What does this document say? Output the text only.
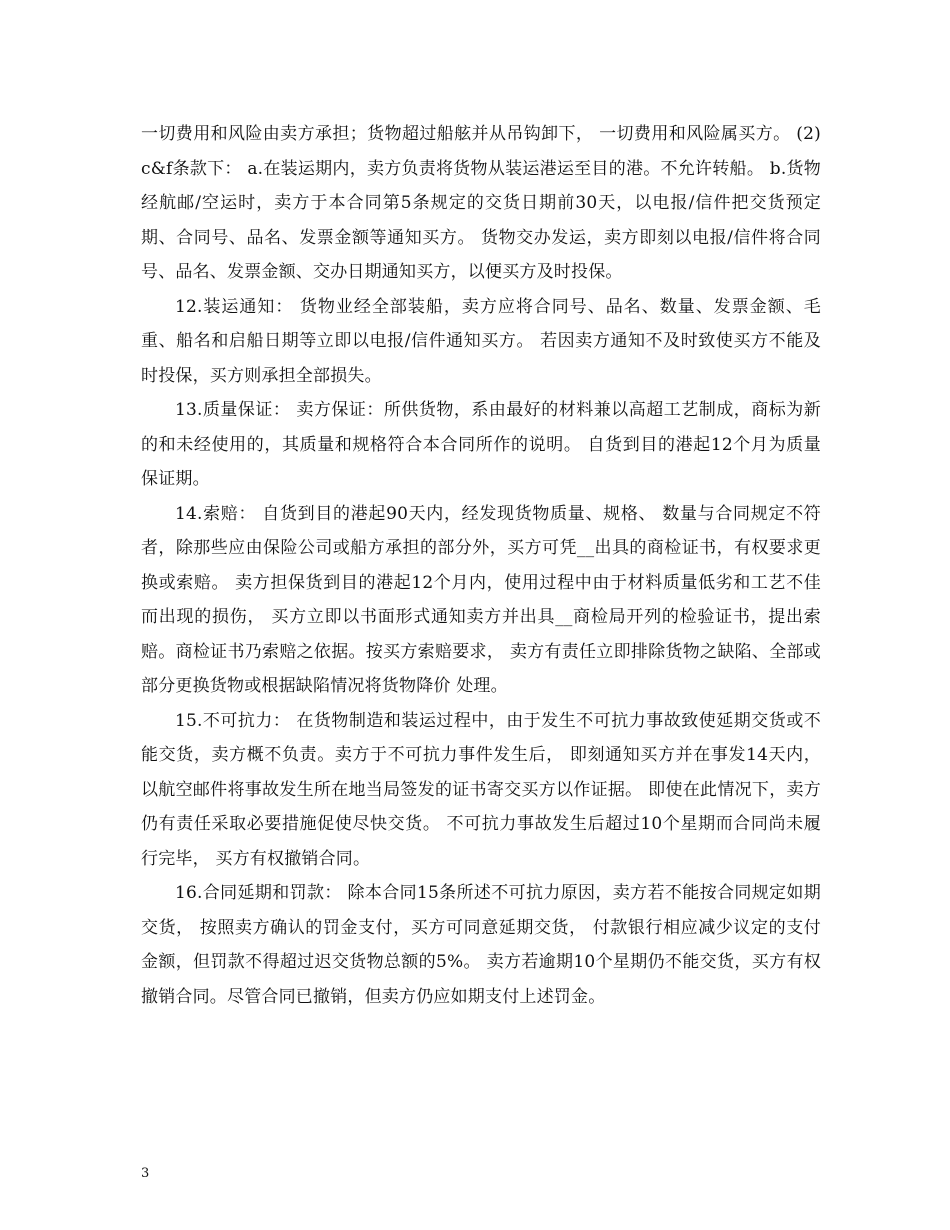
一切费用和风险由卖方承担；货物超过船舷并从吊钩卸下， 一切费用和风险属买方。 (2)c&f条款下： a.在装运期内，卖方负责将货物从装运港运至目的港。不允许转船。 b.货物经航邮/空运时，卖方于本合同第5条规定的交货日期前30天，以电报/信件把交货预定期、合同号、品名、发票金额等通知买方。 货物交办发运，卖方即刻以电报/信件将合同号、品名、发票金额、交办日期通知买方，以便买方及时投保。

12.装运通知： 货物业经全部装船，卖方应将合同号、品名、数量、发票金额、毛重、船名和启船日期等立即以电报/信件通知买方。 若因卖方通知不及时致使买方不能及时投保，买方则承担全部损失。

13.质量保证： 卖方保证：所供货物，系由最好的材料兼以高超工艺制成，商标为新的和未经使用的，其质量和规格符合本合同所作的说明。 自货到目的港起12个月为质量保证期。

14.索赔： 自货到目的港起90天内，经发现货物质量、规格、 数量与合同规定不符者，除那些应由保险公司或船方承担的部分外，买方可凭__出具的商检证书，有权要求更换或索赔。 卖方担保货到目的港起12个月内，使用过程中由于材料质量低劣和工艺不佳而出现的损伤， 买方立即以书面形式通知卖方并出具__商检局开列的检验证书，提出索赔。商检证书乃索赔之依据。按买方索赔要求， 卖方有责任立即排除货物之缺陷、全部或部分更换货物或根据缺陷情况将货物降价 处理。

15.不可抗力： 在货物制造和装运过程中，由于发生不可抗力事故致使延期交货或不能交货，卖方概不负责。卖方于不可抗力事件发生后， 即刻通知买方并在事发14天内，以航空邮件将事故发生所在地当局签发的证书寄交买方以作证据。 即使在此情况下，卖方仍有责任采取必要措施促使尽快交货。 不可抗力事故发生后超过10个星期而合同尚未履行完毕， 买方有权撤销合同。

16.合同延期和罚款： 除本合同15条所述不可抗力原因，卖方若不能按合同规定如期交货， 按照卖方确认的罚金支付，买方可同意延期交货， 付款银行相应减少议定的支付金额，但罚款不得超过迟交货物总额的5%。 卖方若逾期10个星期仍不能交货，买方有权撤销合同。尽管合同已撤销，但卖方仍应如期支付上述罚金。

3
